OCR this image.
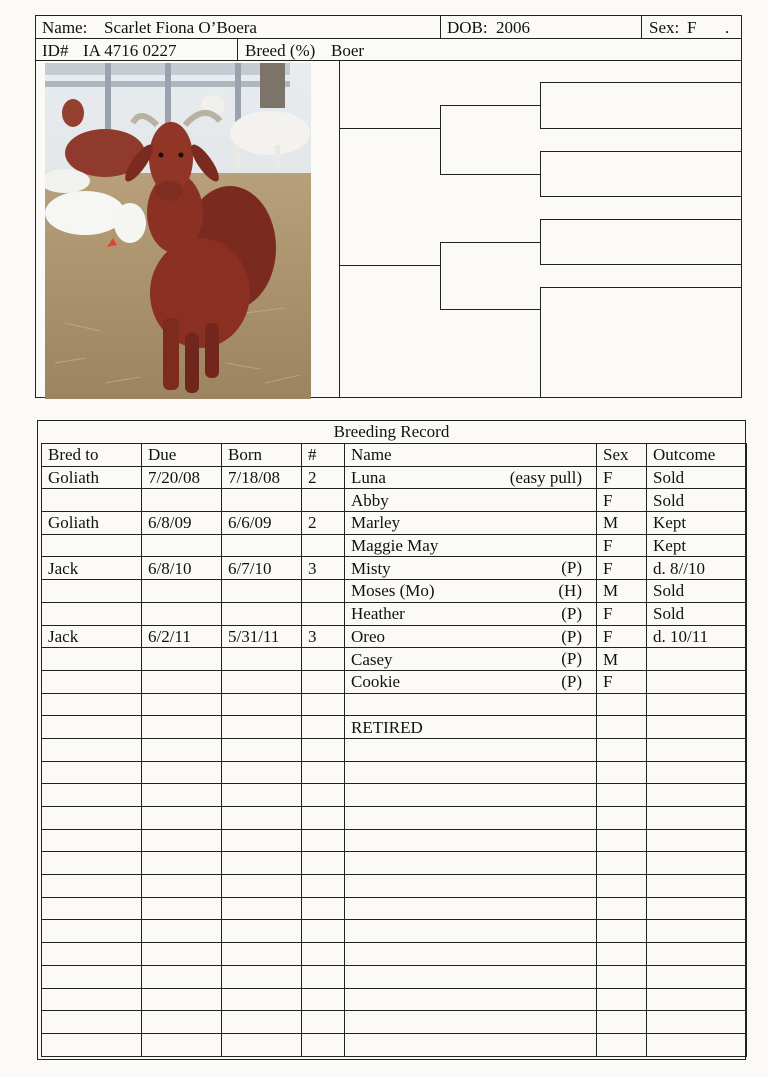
Name: Scarlet Fiona O’Boera	DOB: 2006	Sex: F .
ID# IA 4716 0227	Breed (%) Boer
Breeding Record
Bred to	Due	Born	#	Name	Sex	Outcome
Goliath	7/20/08	7/18/08	2	Luna (easy pull)	F	Sold
				Abby	F	Sold
Goliath	6/8/09	6/6/09	2	Marley	M	Kept
				Maggie May	F	Kept
Jack	6/8/10	6/7/10	3	Misty (P)	F	d. 8//10
				Moses (Mo) (H)	M	Sold
				Heather (P)	F	Sold
Jack	6/2/11	5/31/11	3	Oreo (P)	F	d. 10/11
				Casey (P)	M	
				Cookie (P)	F	

				RETIRED
